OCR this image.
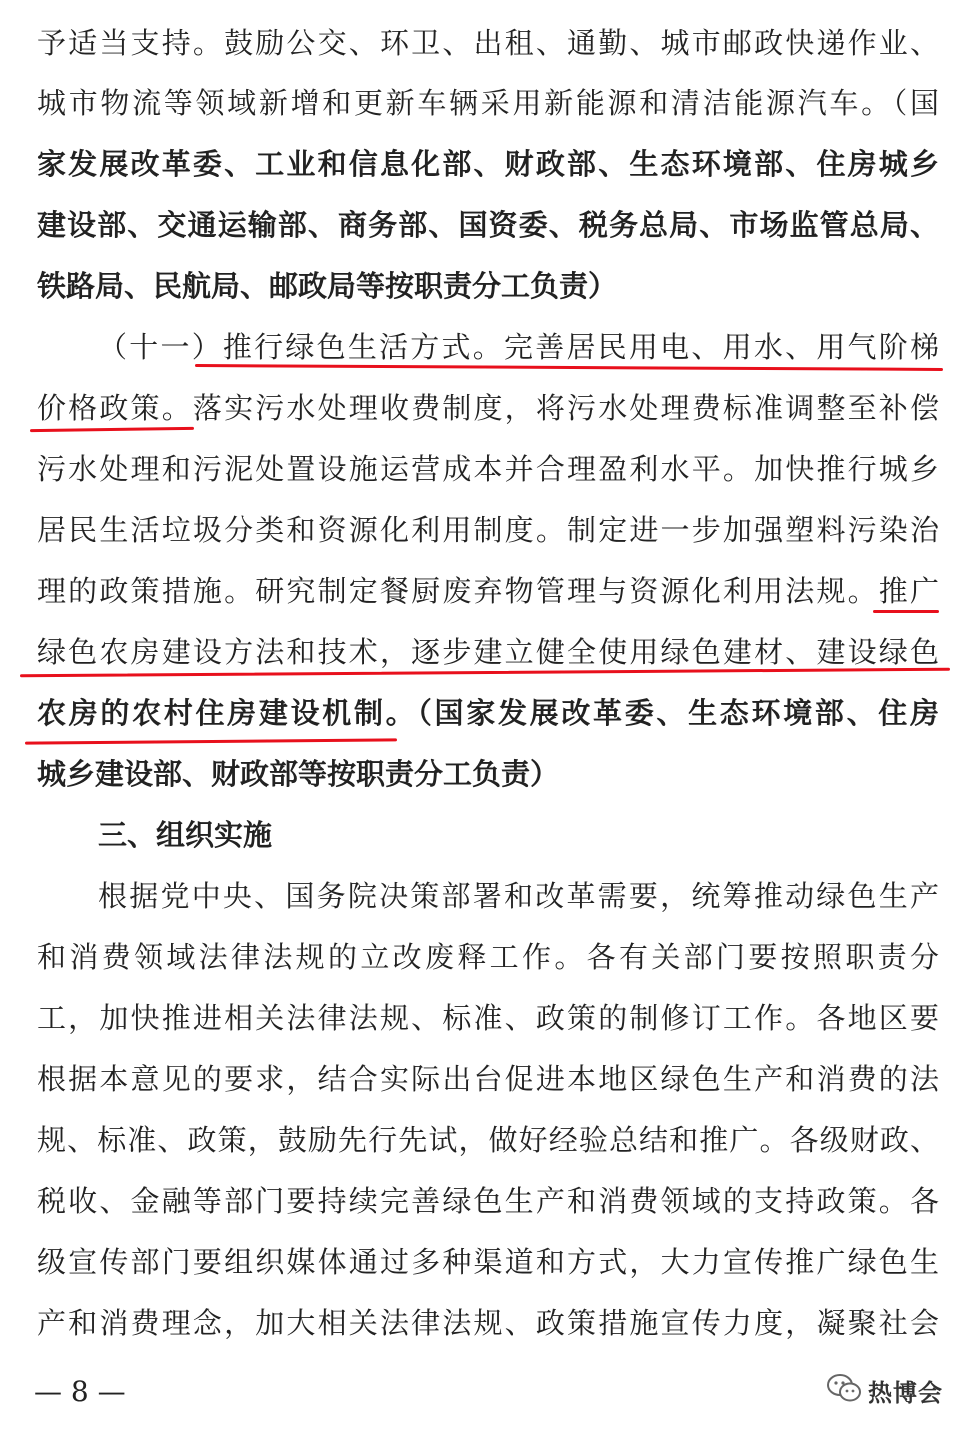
予适当支持。鼓励公交、环卫、出租、通勤、城市邮政快递作业、
城市物流等领域新增和更新车辆采用新能源和清洁能源汽车。（国
家发展改革委、工业和信息化部、财政部、生态环境部、住房城乡
建设部、交通运输部、商务部、国资委、税务总局、市场监管总局、
铁路局、民航局、邮政局等按职责分工负责）
（十一）推行绿色生活方式。完善居民用电、用水、用气阶梯
价格政策。落实污水处理收费制度，将污水处理费标准调整至补偿
污水处理和污泥处置设施运营成本并合理盈利水平。加快推行城乡
居民生活垃圾分类和资源化利用制度。制定进一步加强塑料污染治
理的政策措施。研究制定餐厨废弃物管理与资源化利用法规。推广
绿色农房建设方法和技术，逐步建立健全使用绿色建材、建设绿色
农房的农村住房建设机制。（国家发展改革委、生态环境部、住房
城乡建设部、财政部等按职责分工负责）
三、组织实施
根据党中央、国务院决策部署和改革需要，统筹推动绿色生产
和消费领域法律法规的立改废释工作。各有关部门要按照职责分
工，加快推进相关法律法规、标准、政策的制修订工作。各地区要
根据本意见的要求，结合实际出台促进本地区绿色生产和消费的法
规、标准、政策，鼓励先行先试，做好经验总结和推广。各级财政、
税收、金融等部门要持续完善绿色生产和消费领域的支持政策。各
级宣传部门要组织媒体通过多种渠道和方式，大力宣传推广绿色生
产和消费理念，加大相关法律法规、政策措施宣传力度，凝聚社会
— 8 —	热博会
